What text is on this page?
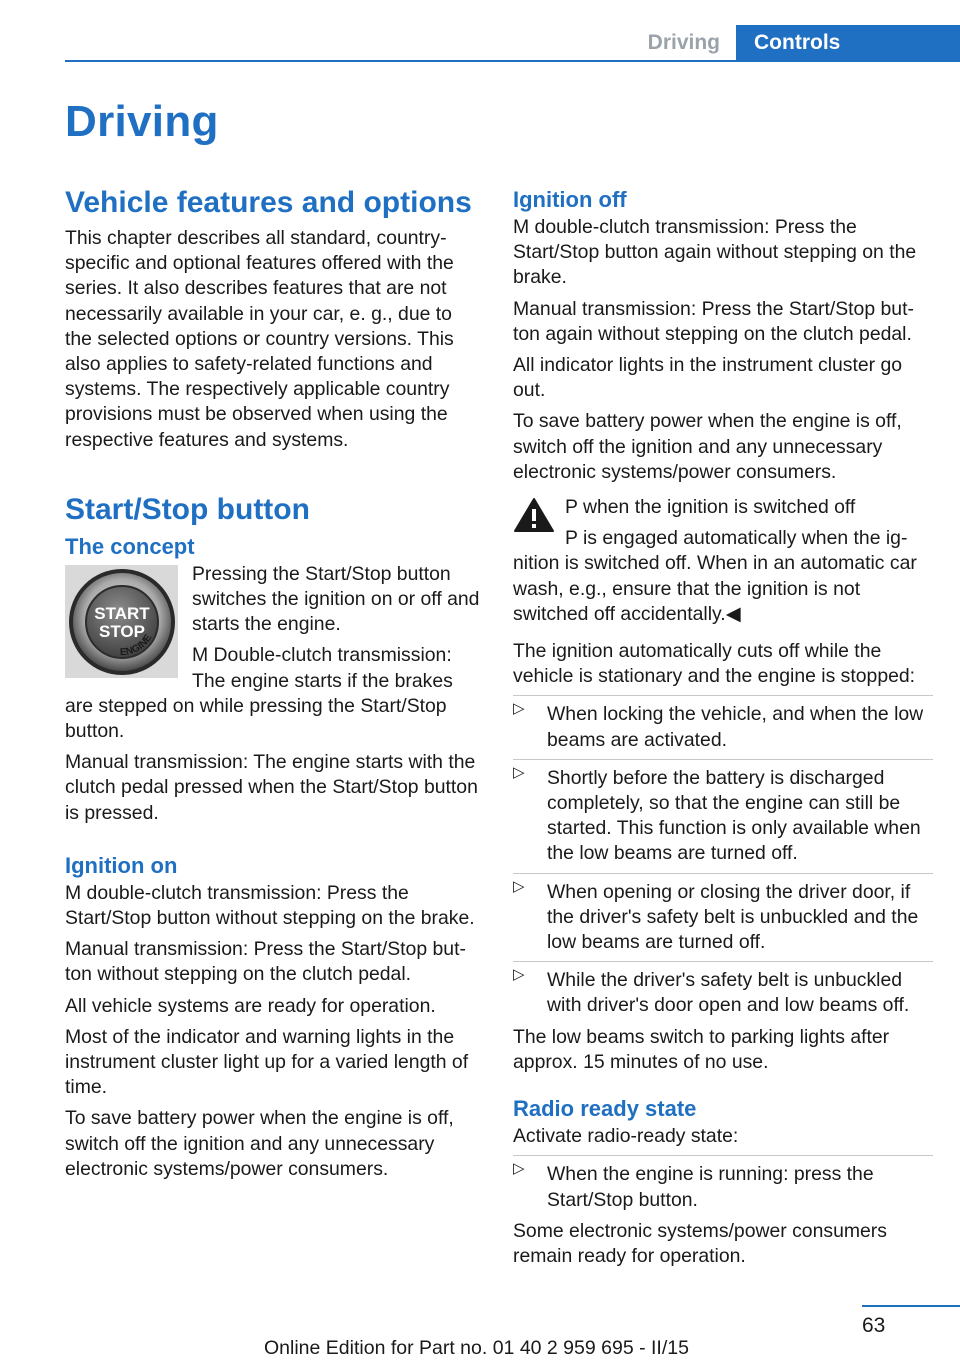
Driving	Controls
Driving
Vehicle features and options

This chapter describes all standard, country-specific and optional features offered with the series. It also describes features that are not necessarily available in your car, e. g., due to the selected options or country versions. This also applies to safety-related functions and systems. The respectively applicable country provisions must be observed when using the respective features and systems.

Start/Stop button
The concept
START
STOP
ENGINE

Pressing the Start/Stop button switches the ignition on or off and starts the engine.

M Double-clutch transmission: The engine starts if the brakes are stepped on while pressing the Start/Stop button.

Manual transmission: The engine starts with the clutch pedal pressed when the Start/Stop button is pressed.

Ignition on

M double-clutch transmission: Press the Start/Stop button without stepping on the brake.

Manual transmission: Press the Start/Stop but‐ton without stepping on the clutch pedal.

All vehicle systems are ready for operation.

Most of the indicator and warning lights in the instrument cluster light up for a varied length of time.

To save battery power when the engine is off, switch off the ignition and any unnecessary electronic systems/power consumers.

Ignition off

M double-clutch transmission: Press the Start/Stop button again without stepping on the brake.

Manual transmission: Press the Start/Stop but‐ton again without stepping on the clutch pedal.

All indicator lights in the instrument cluster go out.

To save battery power when the engine is off, switch off the ignition and any unnecessary electronic systems/power consumers.

P when the ignition is switched off

P is engaged automatically when the ig‐nition is switched off. When in an automatic car wash, e.g., ensure that the ignition is not switched off accidentally.◀

The ignition automatically cuts off while the vehicle is stationary and the engine is stopped:

▷ When locking the vehicle, and when the low beams are activated.
▷ Shortly before the battery is discharged completely, so that the engine can still be started. This function is only available when the low beams are turned off.
▷ When opening or closing the driver door, if the driver's safety belt is unbuckled and the low beams are turned off.
▷ While the driver's safety belt is unbuckled with driver's door open and low beams off.

The low beams switch to parking lights after approx. 15 minutes of no use.

Radio ready state

Activate radio-ready state:

▷ When the engine is running: press the Start/Stop button.

Some electronic systems/power consumers remain ready for operation.

63
Online Edition for Part no. 01 40 2 959 695 - II/15
